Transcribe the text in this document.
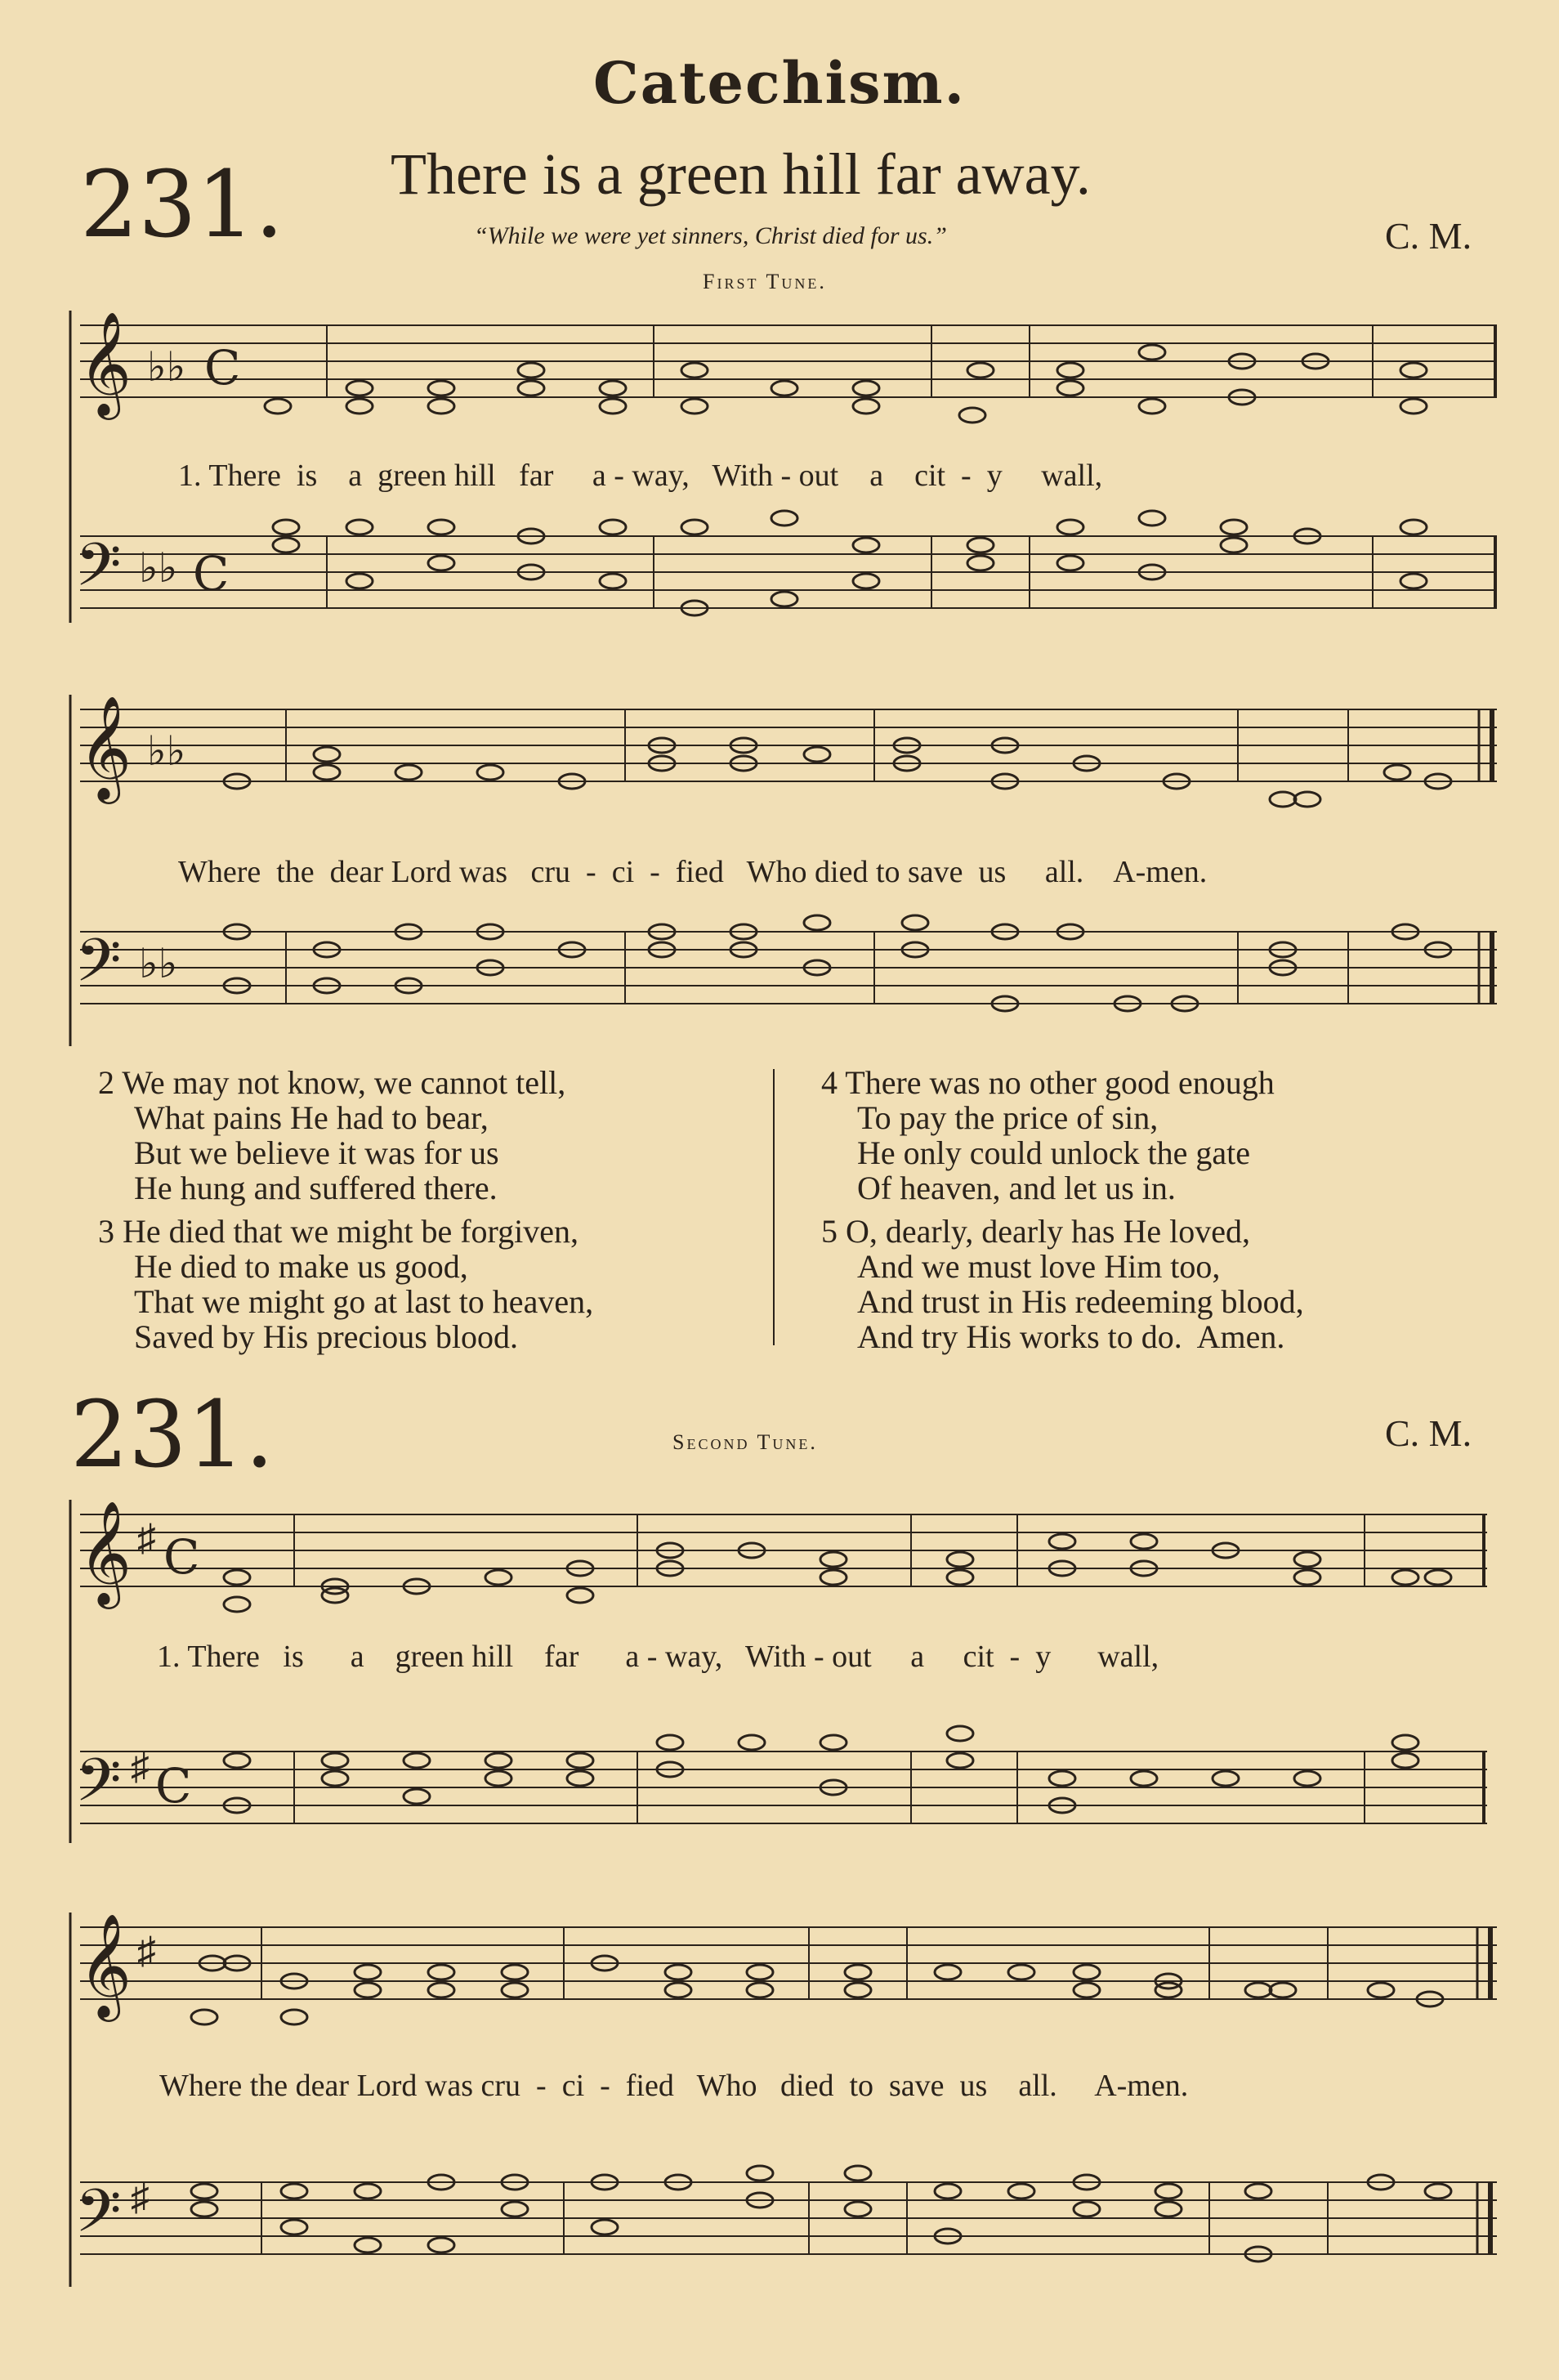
Catechism.
231. There is a green hill far away.
“While we were yet sinners, Christ died for us.”	C. M.
First Tune.
𝄞
𝄢
♭♭
♭♭
C
C
1. There  is    a  green hill   far     a - way,   With - out    a    cit  -  y     wall,
𝄞
𝄢
♭♭
♭♭
Where  the  dear Lord was   cru  -  ci  -  fied   Who died to save  us     all.    A-men.
2 We may not know, we cannot tell,
What pains He had to bear,
But we believe it was for us
He hung and suffered there.
3 He died that we might be forgiven,
He died to make us good,
That we might go at last to heaven,
Saved by His precious blood.
4 There was no other good enough
To pay the price of sin,
He only could unlock the gate
Of heaven, and let us in.
5 O, dearly, dearly has He loved,
And we must love Him too,
And trust in His redeeming blood,
And try His works to do.  Amen.
231.	Second Tune.	C. M.
𝄞
𝄢
♯
♯
C
C
1. There   is      a    green hill    far      a - way,   With - out     a     cit  -  y      wall,
𝄞
𝄢
♯
♯
Where the dear Lord was cru  -  ci  -  fied   Who   died  to  save  us    all.     A-men.
